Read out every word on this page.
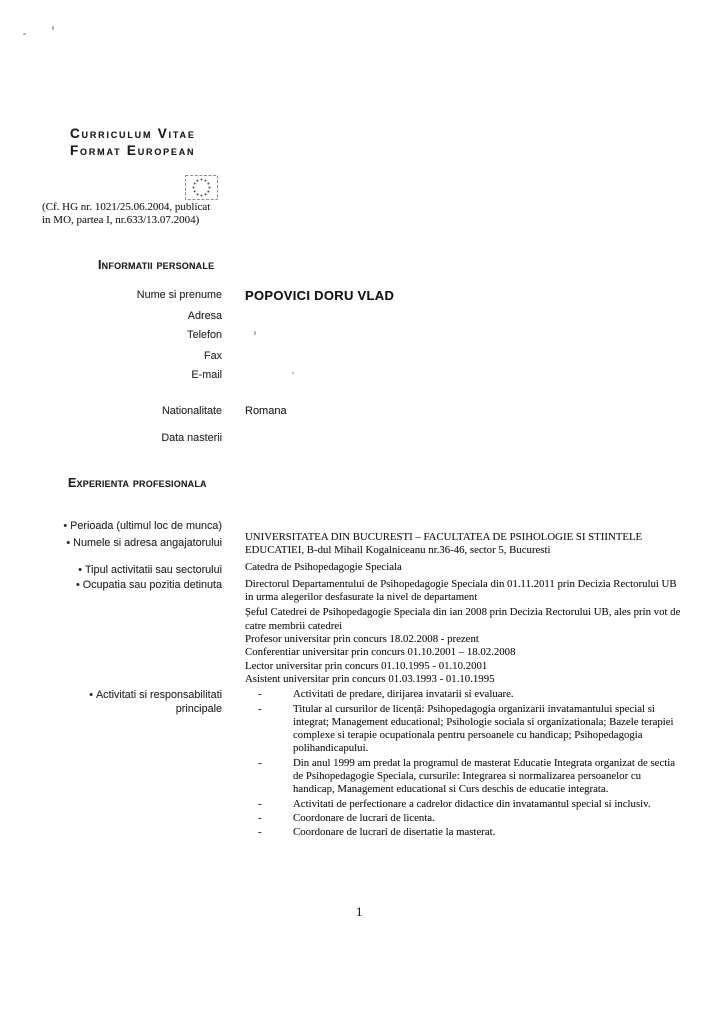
Curriculum Vitae
Format European
(Cf. HG nr. 1021/25.06.2004, publicat
in MO, partea I, nr.633/13.07.2004)
Informatii personale
Nume si prenume POPOVICI DORU VLAD
Adresa
Telefon
Fax
E-mail
Nationalitate Romana
Data nasterii
Experienta profesionala
• Perioada (ultimul loc de munca)
• Numele si adresa angajatorului
• Tipul activitatii sau sectorului
• Ocupatia sau pozitia detinuta
• Activitati si responsabilitati principale

UNIVERSITATEA DIN BUCURESTI – FACULTATEA DE PSIHOLOGIE SI STIINTELE EDUCATIEI, B-dul Mihail Kogalniceanu nr.36-46, sector 5, Bucuresti

Catedra de Psihopedagogie Speciala

Directorul Departamentului de Psihopedagogie Speciala din 01.11.2011 prin Decizia Rectorului UB in urma alegerilor desfasurate la nivel de departament

Șeful Catedrei de Psihopedagogie Speciala din ian 2008 prin Decizia Rectorului UB, ales prin vot de catre membrii catedrei

Profesor universitar prin concurs 18.02.2008 - prezent

Conferentiar universitar prin concurs 01.10.2001 – 18.02.2008

Lector universitar prin concurs 01.10.1995 - 01.10.2001

Asistent universitar prin concurs 01.03.1993 - 01.10.1995

-
Activitati de predare, dirijarea invatarii si evaluare.
-
Titular al cursurilor de licență: Psihopedagogia organizarii invatamantului special si integrat; Management educational; Psihologie sociala si organizationala; Bazele terapiei complexe si terapie ocupationala pentru persoanele cu handicap; Psihopedagogia polihandicapului.
-
Din anul 1999 am predat la programul de masterat Educatie Integrata organizat de sectia de Psihopedagogie Speciala, cursurile: Integrarea si normalizarea persoanelor cu handicap, Management educational si Curs deschis de educatie integrata.
-
Activitati de perfectionare a cadrelor didactice din invatamantul special si inclusiv.
-
Coordonare de lucrari de licenta.
-
Coordonare de lucrari de disertatie la masterat.
1
